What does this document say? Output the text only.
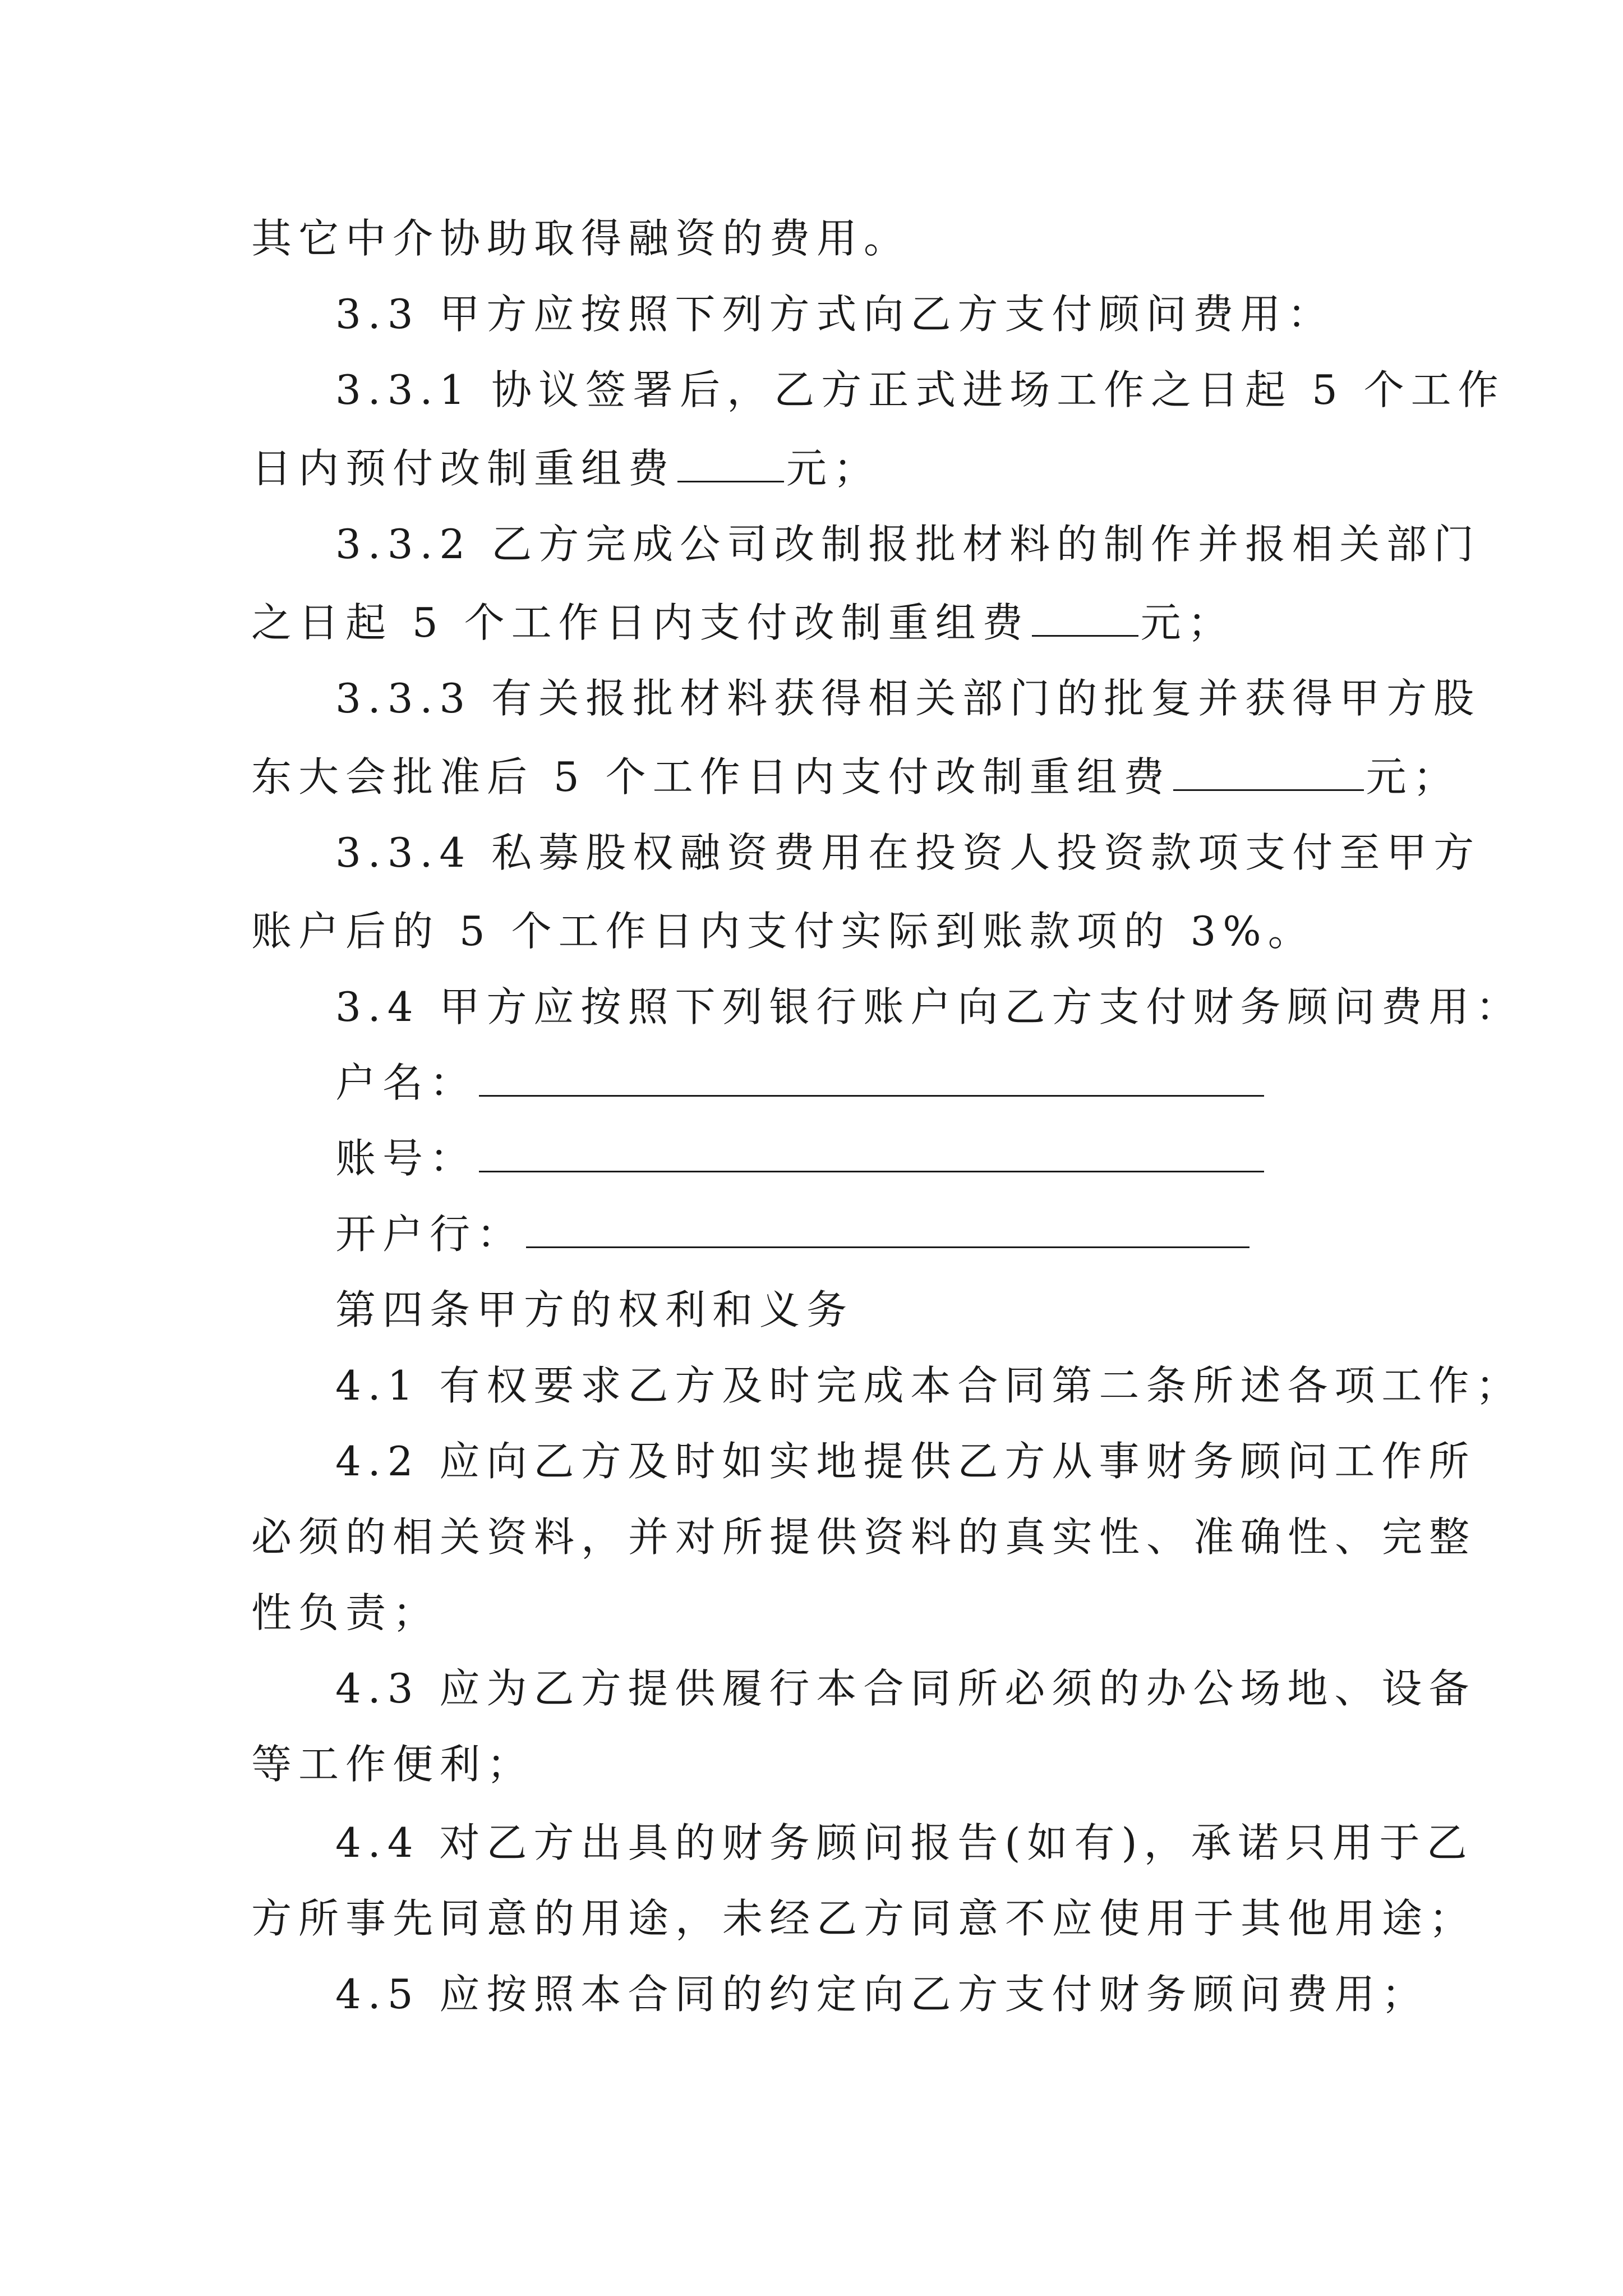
其它中介协助取得融资的费用。
3.3 甲方应按照下列方式向乙方支付顾问费用：
3.3.1 协议签署后，乙方正式进场工作之日起 5 个工作
日内预付改制重组费	元；
3.3.2 乙方完成公司改制报批材料的制作并报相关部门
之日起 5 个工作日内支付改制重组费	元；
3.3.3 有关报批材料获得相关部门的批复并获得甲方股
东大会批准后 5 个工作日内支付改制重组费	元；
3.3.4 私募股权融资费用在投资人投资款项支付至甲方
账户后的 5 个工作日内支付实际到账款项的 3%。
3.4 甲方应按照下列银行账户向乙方支付财务顾问费用：
户名：
账号：
开户行：
第四条甲方的权利和义务
4.1 有权要求乙方及时完成本合同第二条所述各项工作；
4.2 应向乙方及时如实地提供乙方从事财务顾问工作所
必须的相关资料，并对所提供资料的真实性、准确性、完整
性负责；
4.3 应为乙方提供履行本合同所必须的办公场地、设备
等工作便利；
4.4 对乙方出具的财务顾问报告(如有)，承诺只用于乙
方所事先同意的用途，未经乙方同意不应使用于其他用途；
4.5 应按照本合同的约定向乙方支付财务顾问费用；
